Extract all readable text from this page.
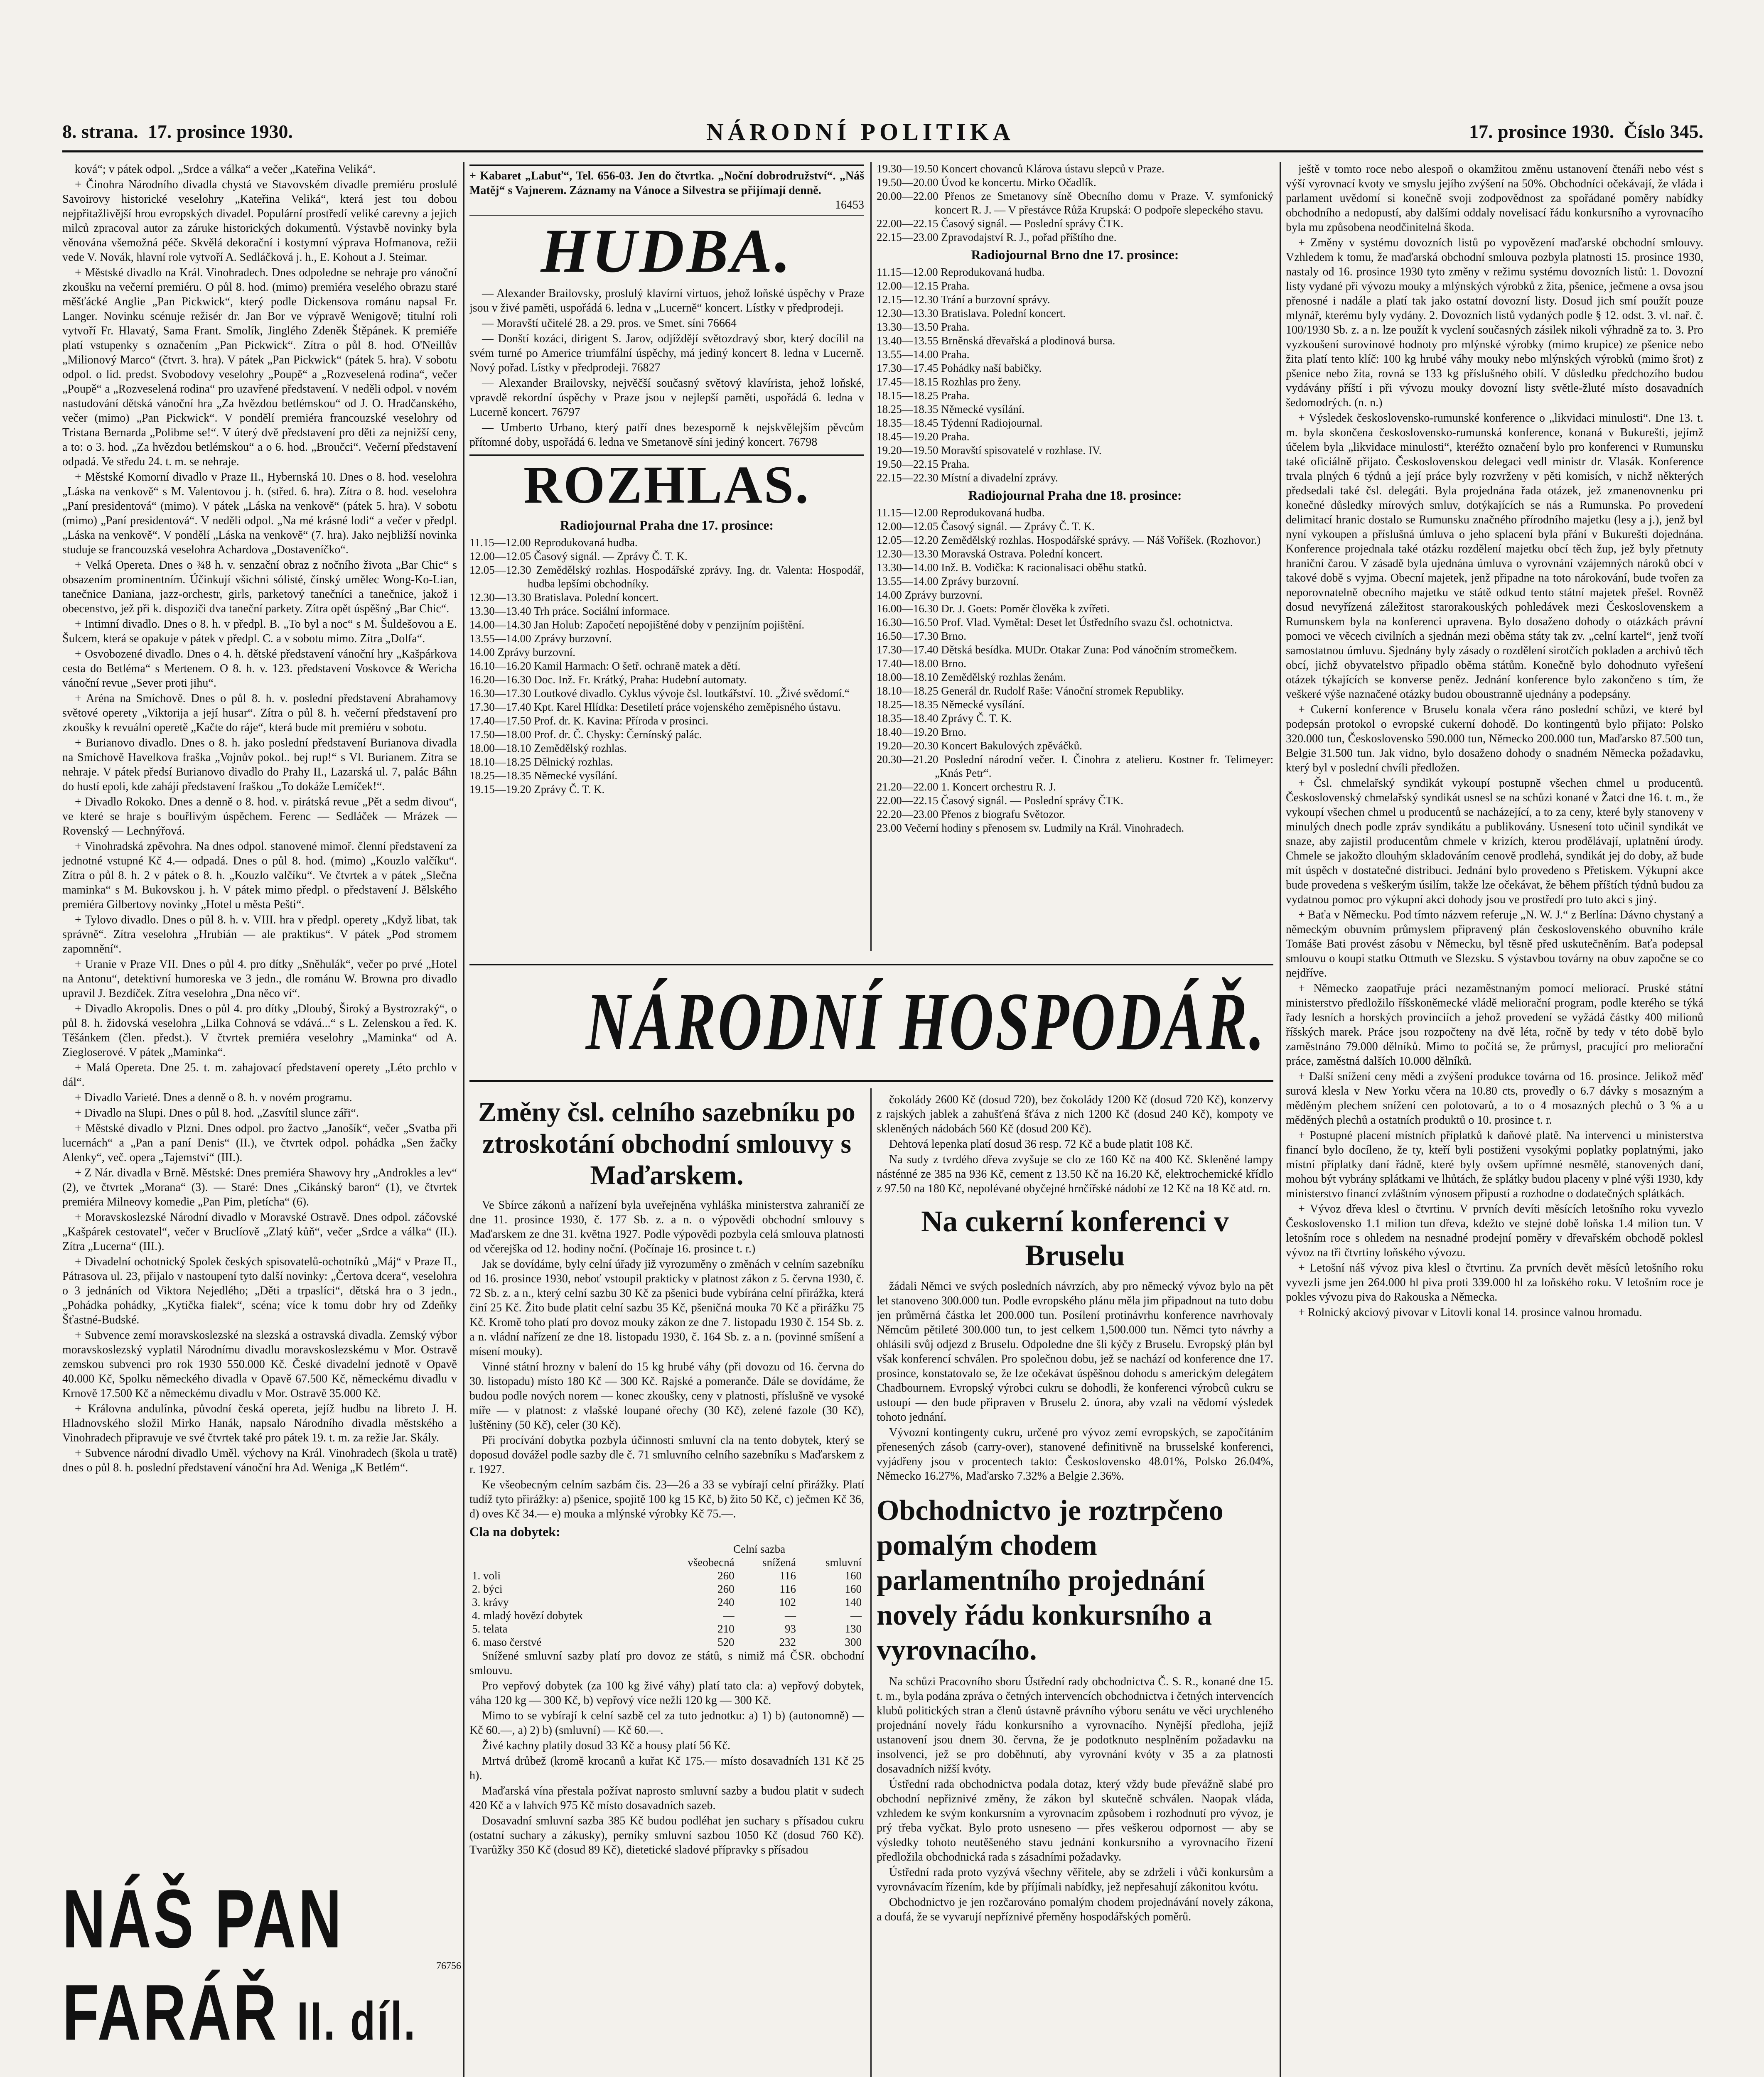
8. strana. 17. prosince 1930.	NÁRODNÍ POLITIKA	17. prosince 1930. Číslo 345.

ková“; v pátek odpol. „Srdce a válka“ a večer „Kateřina Veliká“.

+ Činohra Národního divadla chystá ve Stavovském divadle premiéru proslulé Savoirovy historické veselohry „Kateřina Veliká“, která jest tou dobou nejpřitažlivější hrou evropských divadel. Populární prostředí veliké carevny a jejich milců zpracoval autor za záruke historických dokumentů. Výstavbě novinky byla věnována všemožná péče. Skvělá dekorační i kostymní výprava Hofmanova, režii vede V. Novák, hlavní role vytvoří A. Sedláčková j. h., E. Kohout a J. Steimar.

+ Městské divadlo na Král. Vinohradech. Dnes odpoledne se nehraje pro vánoční zkoušku na večerní premiéru. O půl 8. hod. (mimo) premiéra veselého obrazu staré měšťácké Anglie „Pan Pickwick“, který podle Dickensova románu napsal Fr. Langer. Novinku scénuje režisér dr. Jan Bor ve výpravě Wenigově; titulní roli vytvoří Fr. Hlavatý, Sama Frant. Smolík, Jinglého Zdeněk Štěpánek. K premiéře platí vstupenky s označením „Pan Pickwick“. Zítra o půl 8. hod. O'Neillův „Milionový Marco“ (čtvrt. 3. hra). V pátek „Pan Pickwick“ (pátek 5. hra). V sobotu odpol. o lid. predst. Svobodovy veselohry „Poupě“ a „Rozveselená rodina“, večer „Poupě“ a „Rozveselená rodina“ pro uzavřené představení. V neděli odpol. v novém nastudování dětská vánoční hra „Za hvězdou betlémskou“ od J. O. Hradčanského, večer (mimo) „Pan Pickwick“. V pondělí premiéra francouzské veselohry od Tristana Bernarda „Polibme se!“. V úterý dvě představení pro děti za nejnižší ceny, a to: o 3. hod. „Za hvězdou betlémskou“ a o 6. hod. „Broučci“. Večerní představení odpadá. Ve středu 24. t. m. se nehraje.

+ Městské Komorní divadlo v Praze II., Hybernská 10. Dnes o 8. hod. veselohra „Láska na venkově“ s M. Valentovou j. h. (střed. 6. hra). Zítra o 8. hod. veselohra „Paní presidentová“ (mimo). V pátek „Láska na venkově“ (pátek 5. hra). V sobotu (mimo) „Paní presidentová“. V neděli odpol. „Na mé krásné lodi“ a večer v předpl. „Láska na venkově“. V pondělí „Láska na venkově“ (7. hra). Jako nejbližší novinka studuje se francouzská veselohra Achardova „Dostaveníčko“.

+ Velká Opereta. Dnes o ¾8 h. v. senzační obraz z nočního života „Bar Chic“ s obsazením prominentním. Účinkují všichni sólisté, čínský umělec Wong-Ko-Lian, tanečnice Daniana, jazz-orchestr, girls, parketový tanečníci a tanečnice, jakož i obecenstvo, jež při k. dispoziči dva taneční parkety. Zítra opět úspěšný „Bar Chic“.

+ Intimní divadlo. Dnes o 8. h. v předpl. B. „To byl a noc“ s M. Šuldešovou a E. Šulcem, která se opakuje v pátek v předpl. C. a v sobotu mimo. Zítra „Dolfa“.

+ Osvobozené divadlo. Dnes o 4. h. dětské představení vánoční hry „Kašpárkova cesta do Betléma“ s Mertenem. O 8. h. v. 123. představení Voskovce & Wericha vánoční revue „Sever proti jihu“.

+ Aréna na Smíchově. Dnes o půl 8. h. v. poslední představení Abrahamovy světové operety „Viktorija a její husar“. Zítra o půl 8. h. večerní představení pro zkoušky k revuální operetě „Kačte do ráje“, která bude mít premiéru v sobotu.

+ Burianovo divadlo. Dnes o 8. h. jako poslední představení Burianova divadla na Smíchově Havelkova fraška „Vojnův pokol.. bej rup!“ s Vl. Burianem. Zítra se nehraje. V pátek předsí Burianovo divadlo do Prahy II., Lazarská ul. 7, palác Báhn do hustí epoli, kde zahájí představení fraškou „To dokáže Lemíček!“.

+ Divadlo Rokoko. Dnes a denně o 8. hod. v. pirátská revue „Pět a sedm divou“, ve které se hraje s bouřlivým úspěchem. Ferenc — Sedláček — Mrázek — Rovenský — Lechnýřová.

+ Vinohradská zpěvohra. Na dnes odpol. stanovené mimoř. členní představení za jednotné vstupné Kč 4.— odpadá. Dnes o půl 8. hod. (mimo) „Kouzlo valčíku“. Zítra o půl 8. h. 2 v pátek o 8. h. „Kouzlo valčíku“. Ve čtvrtek a v pátek „Slečna maminka“ s M. Bukovskou j. h. V pátek mimo předpl. o představení J. Bělského premiéra Gilbertovy novinky „Hotel u města Pešti“.

+ Tylovo divadlo. Dnes o půl 8. h. v. VIII. hra v předpl. operety „Když libat, tak správně“. Zítra veselohra „Hrubián — ale praktikus“. V pátek „Pod stromem zapomnění“.

+ Uranie v Praze VII. Dnes o půl 4. pro dítky „Sněhulák“, večer po prvé „Hotel na Antonu“, detektivní humoreska ve 3 jedn., dle románu W. Browna pro divadlo upravil J. Bezdíček. Zítra veselohra „Dna něco ví“.

+ Divadlo Akropolis. Dnes o půl 4. pro dítky „Dloubý, Široký a Bystrozraký“, o půl 8. h. židovská veselohra „Lilka Cohnová se vdává...“ s L. Zelenskou a řed. K. Těšánkem (člen. předst.). V čtvrtek premiéra veselohry „Maminka“ od A. Ziegloserové. V pátek „Maminka“.

+ Malá Opereta. Dne 25. t. m. zahajovací představení operety „Léto prchlo v dál“.

+ Divadlo Varieté. Dnes a denně o 8. h. v novém programu.

+ Divadlo na Slupi. Dnes o půl 8. hod. „Zasvítil slunce záři“.

+ Městské divadlo v Plzni. Dnes odpol. pro žactvo „Janošík“, večer „Svatba při lucernách“ a „Pan a paní Denis“ (II.), ve čtvrtek odpol. pohádka „Sen žačky Alenky“, več. opera „Tajemství“ (III.).

+ Z Nár. divadla v Brně. Městské: Dnes premiéra Shawovy hry „Androkles a lev“ (2), ve čtvrtek „Morana“ (3). — Staré: Dnes „Cikánský baron“ (1), ve čtvrtek premiéra Milneovy komedie „Pan Pim, pletícha“ (6).

+ Moravskoslezské Národní divadlo v Moravské Ostravě. Dnes odpol. záčovské „Kašpárek cestovatel“, večer v Bruclíově „Zlatý kůň“, večer „Srdce a válka“ (II.). Zítra „Lucerna“ (III.).

+ Divadelní ochotnický Spolek českých spisovatelů-ochotníků „Máj“ v Praze II., Pátrasova ul. 23, přijalo v nastoupení tyto další novinky: „Čertova dcera“, veselohra o 3 jednáních od Viktora Nejedlého; „Děti a trpaslíci“, dětská hra o 3 jedn., „Pohádka pohádky, „Kytička fialek“, scéna; více k tomu dobr hry od Zdeňky Šťastné-Budské.

+ Subvence zemí moravskoslezské na slezská a ostravská divadla. Zemský výbor moravskoslezský vyplatil Národnímu divadlu moravskoslezskému v Mor. Ostravě zemskou subvenci pro rok 1930 550.000 Kč. České divadelní jednotě v Opavě 40.000 Kč, Spolku německého divadla v Opavě 67.500 Kč, německému divadlu v Krnově 17.500 Kč a německému divadlu v Mor. Ostravě 35.000 Kč.

+ Královna andulínka, původní česká opereta, jejíž hudbu na libreto J. H. Hladnovského složil Mirko Hanák, napsalo Národního divadla městského a Vinohradech připravuje ve své čtvrtek také pro pátek 19. t. m. za režie Jar. Skály.

+ Subvence národní divadlo Uměl. výchovy na Král. Vinohradech (škola u tratě) dnes o půl 8. h. poslední představení vánoční hra Ad. Weniga „K Betlém“.

NÁŠ PAN
FARÁŘ II. díl.
76756
+ Kabaret „Labuť“, Tel. 656-03. Jen do čtvrtka. „Noční dobrodružství“. „Náš Matěj“ s Vajnerem. Záznamy na Vánoce a Silvestra se přijímají denně.
16453
HUDBA.

— Alexander Brailovsky, proslulý klavírní virtuos, jehož loňské úspěchy v Praze jsou v živé paměti, uspořádá 6. ledna v „Lucerně“ koncert. Lístky v předprodeji.

— Moravští učitelé 28. a 29. pros. ve Smet. síni 76664

— Donští kozáci, dirigent S. Jarov, odjíždějí světozdravý sbor, který docílil na svém turné po Americe triumfální úspěchy, má jediný koncert 8. ledna v Lucerně. Nový pořad. Lístky v předprodeji. 76827

— Alexander Brailovsky, nejvěčší současný světový klavírista, jehož loňské, vpravdě rekordní úspěchy v Praze jsou v nejlepší paměti, uspořádá 6. ledna v Lucerně koncert. 76797

— Umberto Urbano, který patří dnes bezesporně k nejskvělejším pěvcům přítomné doby, uspořádá 6. ledna ve Smetanově síni jediný koncert. 76798

ROZHLAS.
Radiojournal Praha dne 17. prosince:
11.15—12.00 Reprodukovaná hudba.
12.00—12.05 Časový signál. — Zprávy Č. T. K.
12.05—12.30 Zemědělský rozhlas. Hospodářské zprávy. Ing. dr. Valenta: Hospodář, hudba lepšími obchodníky.
12.30—13.30 Bratislava. Polední koncert.
13.30—13.40 Trh práce. Sociální informace.
14.00—14.30 Jan Holub: Započetí nepojištěné doby v penzijním pojištění.
13.55—14.00 Zprávy burzovní.
14.00 Zprávy burzovní.
16.10—16.20 Kamil Harmach: O šetř. ochraně matek a dětí.
16.20—16.30 Doc. Inž. Fr. Krátký, Praha: Hudební automaty.
16.30—17.30 Loutkové divadlo. Cyklus vývoje čsl. loutkářství. 10. „Živé svědomí.“
17.30—17.40 Kpt. Karel Hlídka: Desetiletí práce vojenského zeměpisného ústavu.
17.40—17.50 Prof. dr. K. Kavina: Příroda v prosinci.
17.50—18.00 Prof. dr. Č. Chysky: Černínský palác.
18.00—18.10 Zemědělský rozhlas.
18.10—18.25 Dělnický rozhlas.
18.25—18.35 Německé vysílání.
19.15—19.20 Zprávy Č. T. K.
19.30—19.50 Koncert chovanců Klárova ústavu slepců v Praze.
19.50—20.00 Úvod ke koncertu. Mirko Očadlík.
20.00—22.00 Přenos ze Smetanovy síně Obecního domu v Praze. V. symfonický koncert R. J. — V přestávce Růža Krupská: O podpoře slepeckého stavu.
22.00—22.15 Časový signál. — Poslední správy ČTK.
22.15—23.00 Zpravodajství R. J., pořad příštího dne.
Radiojournal Brno dne 17. prosince:
11.15—12.00 Reprodukovaná hudba.
12.00—12.15 Praha.
12.15—12.30 Trání a burzovní správy.
12.30—13.30 Bratislava. Polední koncert.
13.30—13.50 Praha.
13.40—13.55 Brněnská dřevařská a plodinová bursa.
13.55—14.00 Praha.
17.30—17.45 Pohádky naší babičky.
17.45—18.15 Rozhlas pro ženy.
18.15—18.25 Praha.
18.25—18.35 Německé vysílání.
18.35—18.45 Týdenní Radiojournal.
18.45—19.20 Praha.
19.20—19.50 Moravští spisovatelé v rozhlase. IV.
19.50—22.15 Praha.
22.15—22.30 Místní a divadelní zprávy.
Radiojournal Praha dne 18. prosince:
11.15—12.00 Reprodukovaná hudba.
12.00—12.05 Časový signál. — Zprávy Č. T. K.
12.05—12.20 Zemědělský rozhlas. Hospodářské správy. — Náš Voříšek. (Rozhovor.)
12.30—13.30 Moravská Ostrava. Polední koncert.
13.30—14.00 Inž. B. Vodička: K racionalisaci oběhu statků.
13.55—14.00 Zprávy burzovní.
14.00 Zprávy burzovní.
16.00—16.30 Dr. J. Goets: Poměr člověka k zvířeti.
16.30—16.50 Prof. Vlad. Vymětal: Deset let Ústředního svazu čsl. ochotnictva.
16.50—17.30 Brno.
17.30—17.40 Dětská besídka. MUDr. Otakar Zuna: Pod vánočním stromečkem.
17.40—18.00 Brno.
18.00—18.10 Zemědělský rozhlas ženám.
18.10—18.25 Generál dr. Rudolf Raše: Vánoční stromek Republiky.
18.25—18.35 Německé vysílání.
18.35—18.40 Zprávy Č. T. K.
18.40—19.20 Brno.
19.20—20.30 Koncert Bakulových zpěváčků.
20.30—21.20 Poslední národní večer. I. Činohra z atelieru. Kostner fr. Telimeyer: „Knás Petr“.
21.20—22.00 1. Koncert orchestru R. J.
22.00—22.15 Časový signál. — Poslední správy ČTK.
22.20—23.00 Přenos z biografu Světozor.
23.00 Večerní hodiny s přenosem sv. Ludmily na Král. Vinohradech.
NÁRODNÍ HOSPODÁŘ.
Změny čsl. celního sazebníku po ztroskotání obchodní smlouvy s Maďarskem.

Ve Sbírce zákonů a nařízení byla uveřejněna vyhláška ministerstva zahraničí ze dne 11. prosince 1930, č. 177 Sb. z. a n. o výpovědi obchodní smlouvy s Maďarskem ze dne 31. května 1927. Podle výpovědi pozbyla celá smlouva platnosti od včerejška od 12. hodiny noční. (Počínaje 16. prosince t. r.)

Jak se dovídáme, byly celní úřady již vyrozuměny o změnách v celním sazebníku od 16. prosince 1930, neboť vstoupil prakticky v platnost zákon z 5. června 1930, č. 72 Sb. z. a n., který celní sazbu 30 Kč za pšenici bude vybírána celní přirážka, která činí 25 Kč. Žito bude platit celní sazbu 35 Kč, pšeničná mouka 70 Kč a přirážku 75 Kč. Kromě toho platí pro dovoz mouky zákon ze dne 7. listopadu 1930 č. 154 Sb. z. a n. vládní nařízení ze dne 18. listopadu 1930, č. 164 Sb. z. a n. (povinné smíšení a mísení mouky).

Vinné státní hrozny v balení do 15 kg hrubé váhy (při dovozu od 16. června do 30. listopadu) místo 180 Kč — 300 Kč. Rajské a pomeranče. Dále se dovídáme, že budou podle nových norem — konec zkoušky, ceny v platnosti, příslušně ve vysoké míře — v platnost: z vlašské loupané ořechy (30 Kč), zelené fazole (30 Kč), luštěniny (50 Kč), celer (30 Kč).

Při procívání dobytka pozbyla účinnosti smluvní cla na tento dobytek, který se doposud dovážel podle sazby dle č. 71 smluvního celního sazebníku s Maďarskem z r. 1927.

Ke všeobecným celním sazbám čis. 23—26 a 33 se vybírají celní přirážky. Platí tudíž tyto přirážky: a) pšenice, spojitě 100 kg 15 Kč, b) žito 50 Kč, c) ječmen Kč 36, d) oves Kč 34.— e) mouka a mlýnské výrobky Kč 75.—.

Cla na dobytek:
	Celní sazba		
	všeobecná	snížená	smluvní
1. voli	260	116	160
2. býci	260	116	160
3. krávy	240	102	140
4. mladý hovězí dobytek	—	—	—
5. telata	210	93	130
6. maso čerstvé	520	232	300

Snížené smluvní sazby platí pro dovoz ze států, s nimiž má ČSR. obchodní smlouvu.

Pro vepřový dobytek (za 100 kg živé váhy) platí tato cla: a) vepřový dobytek, váha 120 kg — 300 Kč, b) vepřový více nežli 120 kg — 300 Kč.

Mimo to se vybírají k celní sazbě cel za tuto jednotku: a) 1) b) (autonomně) — Kč 60.—, a) 2) b) (smluvní) — Kč 60.—.

Živé kachny platily dosud 33 Kč a housy platí 56 Kč.

Mrtvá drůbež (kromě krocanů a kuřat Kč 175.— místo dosavadních 131 Kč 25 h).

Maďarská vína přestala požívat naprosto smluvní sazby a budou platit v sudech 420 Kč a v lahvích 975 Kč místo dosavadních sazeb.

Dosavadní smluvní sazba 385 Kč budou podléhat jen suchary s přísadou cukru (ostatní suchary a zákusky), perníky smluvní sazbou 1050 Kč (dosud 760 Kč). Tvarůžky 350 Kč (dosud 89 Kč), dietetické sladové přípravky s přísadou

čokolády 2600 Kč (dosud 720), bez čokolády 1200 Kč (dosud 720 Kč), konzervy z rajských jablek a zahušťená šťáva z nich 1200 Kč (dosud 240 Kč), kompoty ve skleněných nádobách 560 Kč (dosud 200 Kč).

Dehtová lepenka platí dosud 36 resp. 72 Kč a bude platit 108 Kč.

Na sudy z tvrdého dřeva zvyšuje se clo ze 160 Kč na 400 Kč. Skleněné lampy násténné ze 385 na 936 Kč, cement z 13.50 Kč na 16.20 Kč, elektrochemické křídlo z 97.50 na 180 Kč, nepolévané obyčejné hrnčířské nádobí ze 12 Kč na 18 Kč atd. rn.

Na cukerní konferenci v Bruselu

žádali Němci ve svých posledních návrzích, aby pro německý vývoz bylo na pět let stanoveno 300.000 tun. Podle evropského plánu měla jim připadnout na tuto dobu jen průměrná částka let 200.000 tun. Posílení protinávrhu konference navrhovaly Němcům pětileté 300.000 tun, to jest celkem 1,500.000 tun. Němci tyto návrhy a ohlásili svůj odjezd z Bruselu. Odpoledne dne šli kýčy z Bruselu. Evropský plán byl však konferencí schválen. Pro společnou dobu, jež se nachází od konference dne 17. prosince, konstatovalo se, že lze očekávat úspěšnou dohodu s americkým delegátem Chadbournem. Evropský výrobci cukru se dohodli, že konferenci výrobců cukru se ustoupí — den bude připraven v Bruselu 2. února, aby vzali na vědomí výsledek tohoto jednání.

Vývozní kontingenty cukru, určené pro vývoz zemí evropských, se započítáním přenesených zásob (carry-over), stanovené definitivně na brusselské konferenci, vyjádřeny jsou v procentech takto: Československo 48.01%, Polsko 26.04%, Německo 16.27%, Maďarsko 7.32% a Belgie 2.36%.

Obchodnictvo je roztrpčeno pomalým chodem parlamentního projednání novely řádu konkursního a vyrovnacího.

Na schůzi Pracovního sboru Ústřední rady obchodnictva Č. S. R., konané dne 15. t. m., byla podána zpráva o četných intervencích obchodnictva i četných intervencích klubů politických stran a členů ústavně právního výboru senátu ve věci urychleného projednání novely řádu konkursního a vyrovnacího. Nynější předloha, jejíž ustanovení jsou dnem 30. června, že je podotknuto nesplněním požadavku na insolvenci, jež se pro doběhnutí, aby vyrovnání kvóty v 35 a za platnosti dosavadních nižší kvóty.

Ústřední rada obchodnictva podala dotaz, který vždy bude převážně slabé pro obchodní nepřiznivé změny, že zákon byl skutečně schválen. Naopak vláda, vzhledem ke svým konkursním a vyrovnacím způsobem i rozhodnutí pro vývoz, je prý třeba vyčkat. Bylo proto usneseno — přes veškerou odpornost — aby se výsledky tohoto neutěšeného stavu jednání konkursního a vyrovnacího řízení předložila obchodnická rada s zásadními požadavky.

Ústřední rada proto vyzývá všechny věřitele, aby se zdrželi i vůči konkursům a vyrovnávacím řízením, kde by příjímali nabídky, jež nepřesahují zákonitou kvótu.

Obchodnictvo je jen rozčarováno pomalým chodem projednávání novely zákona, a doufá, že se vyvarují nepříznivé přeměny hospodářských poměrů.

ještě v tomto roce nebo alespoň o okamžitou změnu ustanovení čtenáři nebo vést s výší vyrovnací kvoty ve smyslu jejího zvýšení na 50%. Obchodníci očekávají, že vláda i parlament uvědomí si konečně svoji zodpovědnost za spořádané poměry nabídky obchodního a nedopustí, aby dalšími oddaly novelisací řádu konkursního a vyrovnacího byla mu způsobena neodčinitelná škoda.

+ Změny v systému dovozních listů po vypovězení maďarské obchodní smlouvy. Vzhledem k tomu, že maďarská obchodní smlouva pozbyla platnosti 15. prosince 1930, nastaly od 16. prosince 1930 tyto změny v režimu systému dovozních listů: 1. Dovozní listy vydané při vývozu mouky a mlýnských výrobků z žita, pšenice, ječmene a ovsa jsou přenosné i nadále a platí tak jako ostatní dovozní listy. Dosud jich smí použít pouze mlynář, kterému byly vydány. 2. Dovozních listů vydaných podle § 12. odst. 3. vl. nař. č. 100/1930 Sb. z. a n. lze použít k vyclení současných zásilek nikoli výhradně za to. 3. Pro vyzkoušení surovinové hodnoty pro mlýnské výrobky (mimo krupice) ze pšenice nebo žita platí tento klíč: 100 kg hrubé váhy mouky nebo mlýnských výrobků (mimo šrot) z pšenice nebo žita, rovná se 133 kg příslušného obilí. V důsledku předchozího budou vydávány příští i při vývozu mouky dovozní listy světle-žluté místo dosavadních šedomodrých. (n. n.)

+ Výsledek československo-rumunské konference o „likvidaci minulosti“. Dne 13. t. m. byla skončena československo-rumunská konference, konaná v Bukurešti, jejímž účelem byla „likvidace minulosti“, kteréžto označení bylo pro konferenci v Rumunsku také oficiálně přijato. Československou delegaci vedl ministr dr. Vlasák. Konference trvala plných 6 týdnů a její práce byly rozvrženy v pěti komisích, v nichž některých předsedali také čsl. delegáti. Byla projednána řada otázek, jež zmanenovnenku pri konečné důsledky mírových smluv, dotýkajících se nás a Rumunska. Po provedení delimitací hranic dostalo se Rumunsku značného přírodního majetku (lesy a j.), jenž byl nyní vykoupen a příslušná úmluva o jeho splacení byla přání v Bukurešti dojednána. Konference projednala také otázku rozdělení majetku obcí těch žup, jež byly přetnuty hraniční čarou. V zásadě byla ujednána úmluva o vyrovnání vzájemných nároků obcí v takové době s vyjma. Obecní majetek, jenž připadne na toto nárokování, bude tvořen za neporovnatelně obecního majetku ve státě odkud tento státní majetek přešel. Rovněž dosud nevyřízená záležitost starorakouských pohledávek mezi Československem a Rumunskem byla na konferenci upravena. Bylo dosaženo dohody o otázkách právní pomoci ve věcech civilních a sjednán mezi oběma státy tak zv. „celní kartel“, jenž tvoří samostatnou úmluvu. Sjednány byly zásady o rozdělení sirotčích pokladen a archivů těch obcí, jichž obyvatelstvo připadlo oběma státům. Konečně bylo dohodnuto vyřešení otázek týkajících se konverse peněz. Jednání konference bylo zakončeno s tím, že veškeré výše naznačené otázky budou oboustranně ujednány a podepsány.

+ Cukerní konference v Bruselu konala včera ráno poslední schůzi, ve které byl podepsán protokol o evropské cukerní dohodě. Do kontingentů bylo přijato: Polsko 320.000 tun, Československo 590.000 tun, Německo 200.000 tun, Maďarsko 87.500 tun, Belgie 31.500 tun. Jak vidno, bylo dosaženo dohody o snadném Německa požadavku, který byl v poslední chvíli předložen.

+ Čsl. chmelařský syndikát vykoupí postupně všechen chmel u producentů. Československý chmelařský syndikát usnesl se na schůzi konané v Žatci dne 16. t. m., že vykoupí všechen chmel u producentů se nacházející, a to za ceny, které byly stanoveny v minulých dnech podle zpráv syndikátu a publikovány. Usnesení toto učinil syndikát ve snaze, aby zajistil producentům chmele v krizích, kterou prodělávají, uplatnění úrody. Chmele se jakožto dlouhým skladováním cenově prodlehá, syndikát jej do doby, až bude mít úspěch v dostatečné distribuci. Jednání bylo provedeno s Přetiskem. Výkupní akce bude provedena s veškerým úsilím, takže lze očekávat, že během příštích týdnů budou za vydatnou pomoc pro výkupní akci dohody jsou ve prostředí pro tuto akci s jiný.

+ Baťa v Německu. Pod tímto názvem referuje „N. W. J.“ z Berlína: Dávno chystaný a německým obuvním průmyslem připravený plán československého obuvního krále Tomáše Bati provést zásobu v Německu, byl těsně před uskutečněním. Baťa podepsal smlouvu o koupi statku Ottmuth ve Slezsku. S výstavbou továrny na obuv započne se co nejdříve.

+ Německo zaopatřuje práci nezaměstnaným pomocí meliorací. Pruské státní ministerstvo předložilo říšskoněmecké vládě meliorační program, podle kterého se týká řady lesních a horských provinciích a jehož provedení se vyžádá částky 400 milionů říšských marek. Práce jsou rozpočteny na dvě léta, ročně by tedy v této době bylo zaměstnáno 79.000 dělníků. Mimo to počítá se, že průmysl, pracující pro meliorační práce, zaměstná dalších 10.000 dělníků.

+ Další snížení ceny mědi a zvýšení produkce továrna od 16. prosince. Jelikož měď surová klesla v New Yorku včera na 10.80 cts, provedly o 6.7 dávky s mosazným a měděným plechem snížení cen polotovarů, a to o 4 mosazných plechů o 3 % a u měděných plechů a ostatních produktů o 10. prosince t. r.

+ Postupné placení místních příplatků k daňové platě. Na intervenci u ministerstva financí bylo docíleno, že ty, kteří byli postiženi vysokými poplatky poplatnými, jako místní příplatky daní řádně, které byly ovšem upřímné nesmělé, stanovených daní, mohou být vybrány splátkami ve lhůtách, že splátky budou placeny v plné výši 1930, kdy ministerstvo financí zvláštním výnosem připustí a rozhodne o dodatečných splátkách.

+ Vývoz dřeva klesl o čtvrtinu. V prvních devíti měsících letošního roku vyvezlo Československo 1.1 milion tun dřeva, kdežto ve stejné době loňska 1.4 milion tun. V letošním roce s ohledem na nesnadné prodejní poměry v dřevařském obchodě poklesl vývoz na tři čtvrtiny loňského vývozu.

+ Letošní náš vývoz piva klesl o čtvrtinu. Za prvních devět měsíců letošního roku vyvezli jsme jen 264.000 hl piva proti 339.000 hl za loňského roku. V letošním roce je pokles vývozu piva do Rakouska a Německa.

+ Rolnický akciový pivovar v Litovli konal 14. prosince valnou hromadu.
